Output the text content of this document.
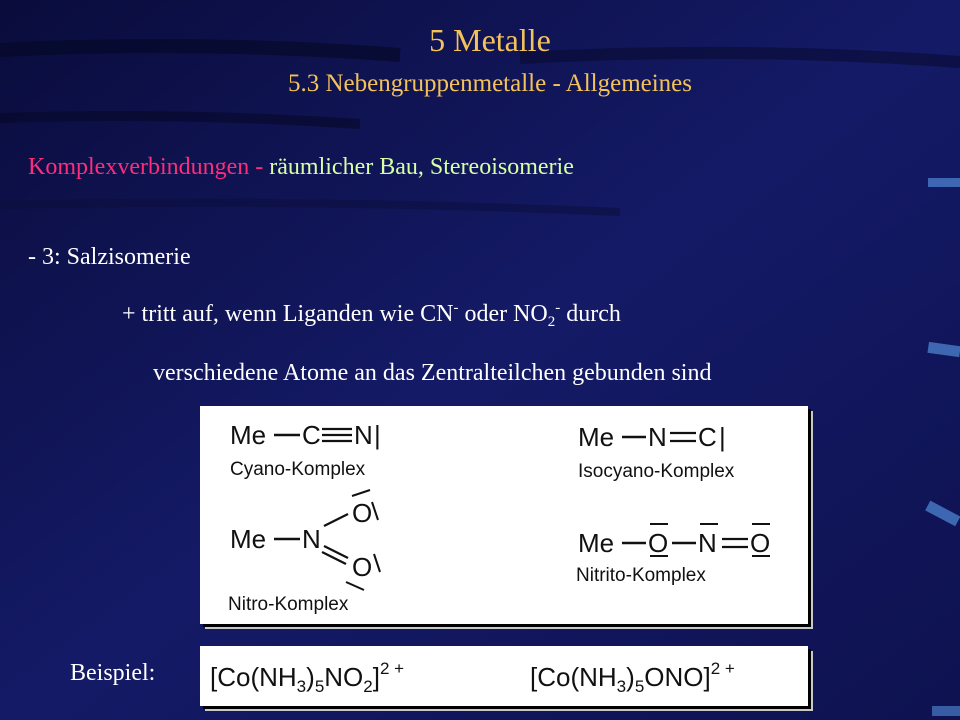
5 Metalle
5.3 Nebengruppenmetalle - Allgemeines
Komplexverbindungen - räumlicher Bau, Stereoisomerie
- 3: Salzisomerie
+ tritt auf, wenn Liganden wie CN- oder $NO_2^-$ durch
verschiedene Atome an das Zentralteilchen gebunden sind
Me C N |
Cyano-Komplex
Me N C |
Isocyano-Komplex
Me N
O
O
Nitro-Komplex
Me O N O
Nitrito-Komplex
Beispiel: $[Co(NH_3)_5NO_2]^{2 +}$	$[Co(NH_3)_5ONO]^{2 +}$
